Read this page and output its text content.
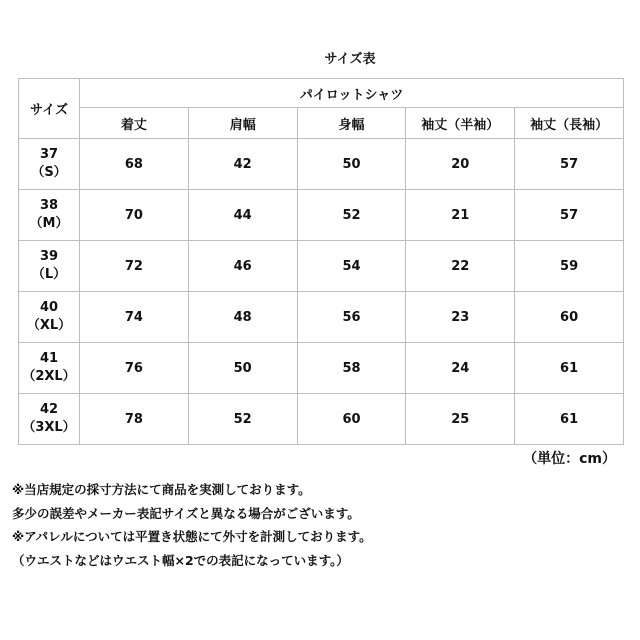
サイズ表
サイズ	パイロットシャツ				
	着丈	肩幅	身幅	袖丈（半袖）	袖丈（長袖）
37
（S）	68	42	50	20	57
38
（M）	70	44	52	21	57
39
（L）	72	46	54	22	59
40
（XL）	74	48	56	23	60
41
（2XL）	76	50	58	24	61
42
（3XL）	78	52	60	25	61
（単位：cm）
※当店規定の採寸方法にて商品を実測しております。
多少の誤差やメーカー表記サイズと異なる場合がございます。
※アパレルについては平置き状態にて外寸を計測しております。
（ウエストなどはウエスト幅×2での表記になっています。）
